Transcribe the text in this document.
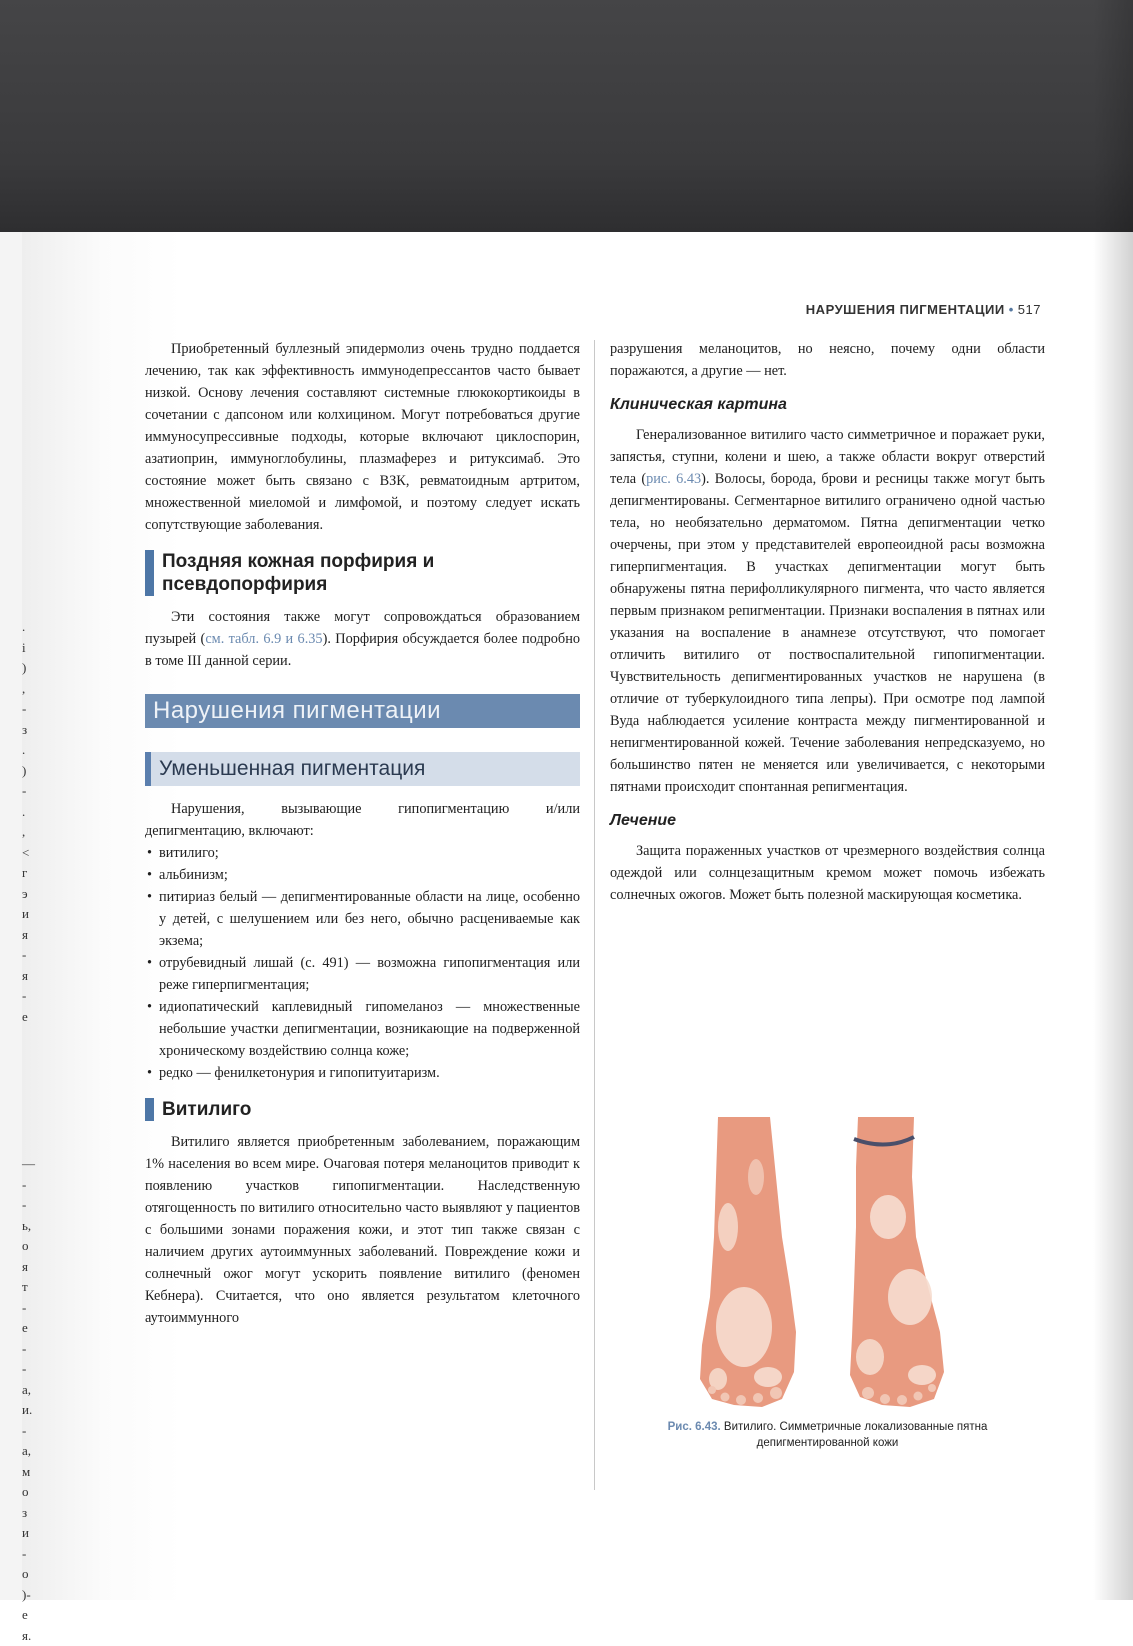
.
i
)
,
-
з
.
)
-
.
,
<
г
э
и
я
-
я
-
е
—
-
-
ь,
о
я
т
-
е
-
-
а,
и.
-
а,
м
о
з
и
-
о
)-
е
я.
НАРУШЕНИЯ ПИГМЕНТАЦИИ • 517

Приобретенный буллезный эпидермолиз очень трудно поддается лечению, так как эффективность иммунодепрессантов часто бывает низкой. Основу лечения составляют системные глюкокортикоиды в сочетании с дапсоном или колхицином. Могут потребоваться другие иммуносупрессивные подходы, которые включают циклоспорин, азатиоприн, иммуноглобулины, плазмаферез и ритуксимаб. Это состояние может быть связано с ВЗК, ревматоидным артритом, множественной миеломой и лимфомой, и поэтому следует искать сопутствующие заболевания.

Поздняя кожная порфирия и псевдопорфирия

Эти состояния также могут сопровождаться образованием пузырей (см. табл. 6.9 и 6.35). Порфирия обсуждается более подробно в томе III данной серии.

Нарушения пигментации
Уменьшенная пигментация

Нарушения, вызывающие гипопигментацию и/или депигментацию, включают:

• витилиго;
• альбинизм;
• питириаз белый — депигментированные области на лице, особенно у детей, с шелушением или без него, обычно расцениваемые как экзема;
• отрубевидный лишай (с. 491) — возможна гипопигментация или реже гиперпигментация;
• идиопатический каплевидный гипомеланоз — множественные небольшие участки депигментации, возникающие на подверженной хроническому воздействию солнца коже;
• редко — фенилкетонурия и гипопитуитаризм.
Витилиго

Витилиго является приобретенным заболеванием, поражающим 1% населения во всем мире. Очаговая потеря меланоцитов приводит к появлению участков гипопигментации. Наследственную отягощенность по витилиго относительно часто выявляют у пациентов с большими зонами поражения кожи, и этот тип также связан с наличием других аутоиммунных заболеваний. Повреждение кожи и солнечный ожог могут ускорить появление витилиго (феномен Кебнера). Считается, что оно является результатом клеточного аутоиммунного

разрушения меланоцитов, но неясно, почему одни области поражаются, а другие — нет.

Клиническая картина

Генерализованное витилиго часто симметричное и поражает руки, запястья, ступни, колени и шею, а также области вокруг отверстий тела (рис. 6.43). Волосы, борода, брови и ресницы также могут быть депигментированы. Сегментарное витилиго ограничено одной частью тела, но необязательно дерматомом. Пятна депигментации четко очерчены, при этом у представителей европеоидной расы возможна гиперпигментация. В участках депигментации могут быть обнаружены пятна перифолликулярного пигмента, что часто является первым признаком репигментации. Признаки воспаления в пятнах или указания на воспаление в анамнезе отсутствуют, что помогает отличить витилиго от поствоспалительной гипопигментации. Чувствительность депигментированных участков не нарушена (в отличие от туберкулоидного типа лепры). При осмотре под лампой Вуда наблюдается усиление контраста между пигментированной и непигментированной кожей. Течение заболевания непредсказуемо, но большинство пятен не меняется или увеличивается, с некоторыми пятнами происходит спонтанная репигментация.

Лечение

Защита пораженных участков от чрезмерного воздействия солнца одеждой или солнцезащитным кремом может помочь избежать солнечных ожогов. Может быть полезной маскирующая косметика.

Рис. 6.43. Витилиго. Симметричные локализованные пятна депигментированной кожи
